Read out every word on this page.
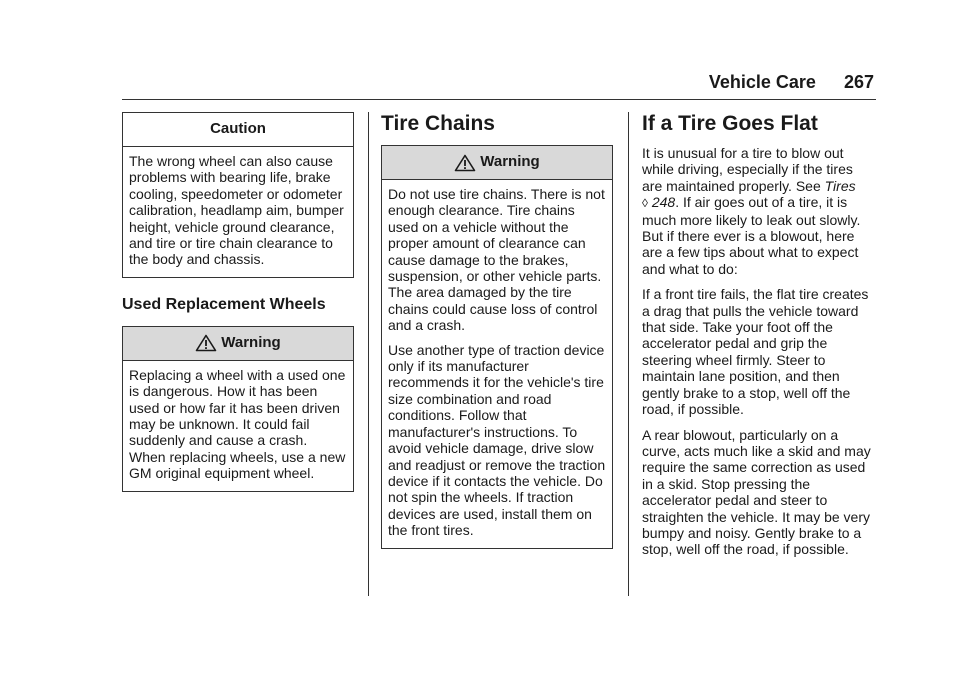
Vehicle Care 267
Caution

The wrong wheel can also cause problems with bearing life, brake cooling, speedometer or odometer calibration, headlamp aim, bumper height, vehicle ground clearance, and tire or tire chain clearance to the body and chassis.

Used Replacement Wheels
Warning

Replacing a wheel with a used one is dangerous. How it has been used or how far it has been driven may be unknown. It could fail suddenly and cause a crash. When replacing wheels, use a new GM original equipment wheel.

Tire Chains
Warning

Do not use tire chains. There is not enough clearance. Tire chains used on a vehicle without the proper amount of clearance can cause damage to the brakes, suspension, or other vehicle parts. The area damaged by the tire chains could cause loss of control and a crash.

Use another type of traction device only if its manufacturer recommends it for the vehicle's tire size combination and road conditions. Follow that manufacturer's instructions. To avoid vehicle damage, drive slow and readjust or remove the traction device if it contacts the vehicle. Do not spin the wheels. If traction devices are used, install them on the front tires.

If a Tire Goes Flat

It is unusual for a tire to blow out while driving, especially if the tires are maintained properly. See Tires
◊ 248. If air goes out of a tire, it is much more likely to leak out slowly. But if there ever is a blowout, here are a few tips about what to expect and what to do:

If a front tire fails, the flat tire creates a drag that pulls the vehicle toward that side. Take your foot off the accelerator pedal and grip the steering wheel firmly. Steer to maintain lane position, and then gently brake to a stop, well off the road, if possible.

A rear blowout, particularly on a curve, acts much like a skid and may require the same correction as used in a skid. Stop pressing the accelerator pedal and steer to straighten the vehicle. It may be very bumpy and noisy. Gently brake to a stop, well off the road, if possible.
